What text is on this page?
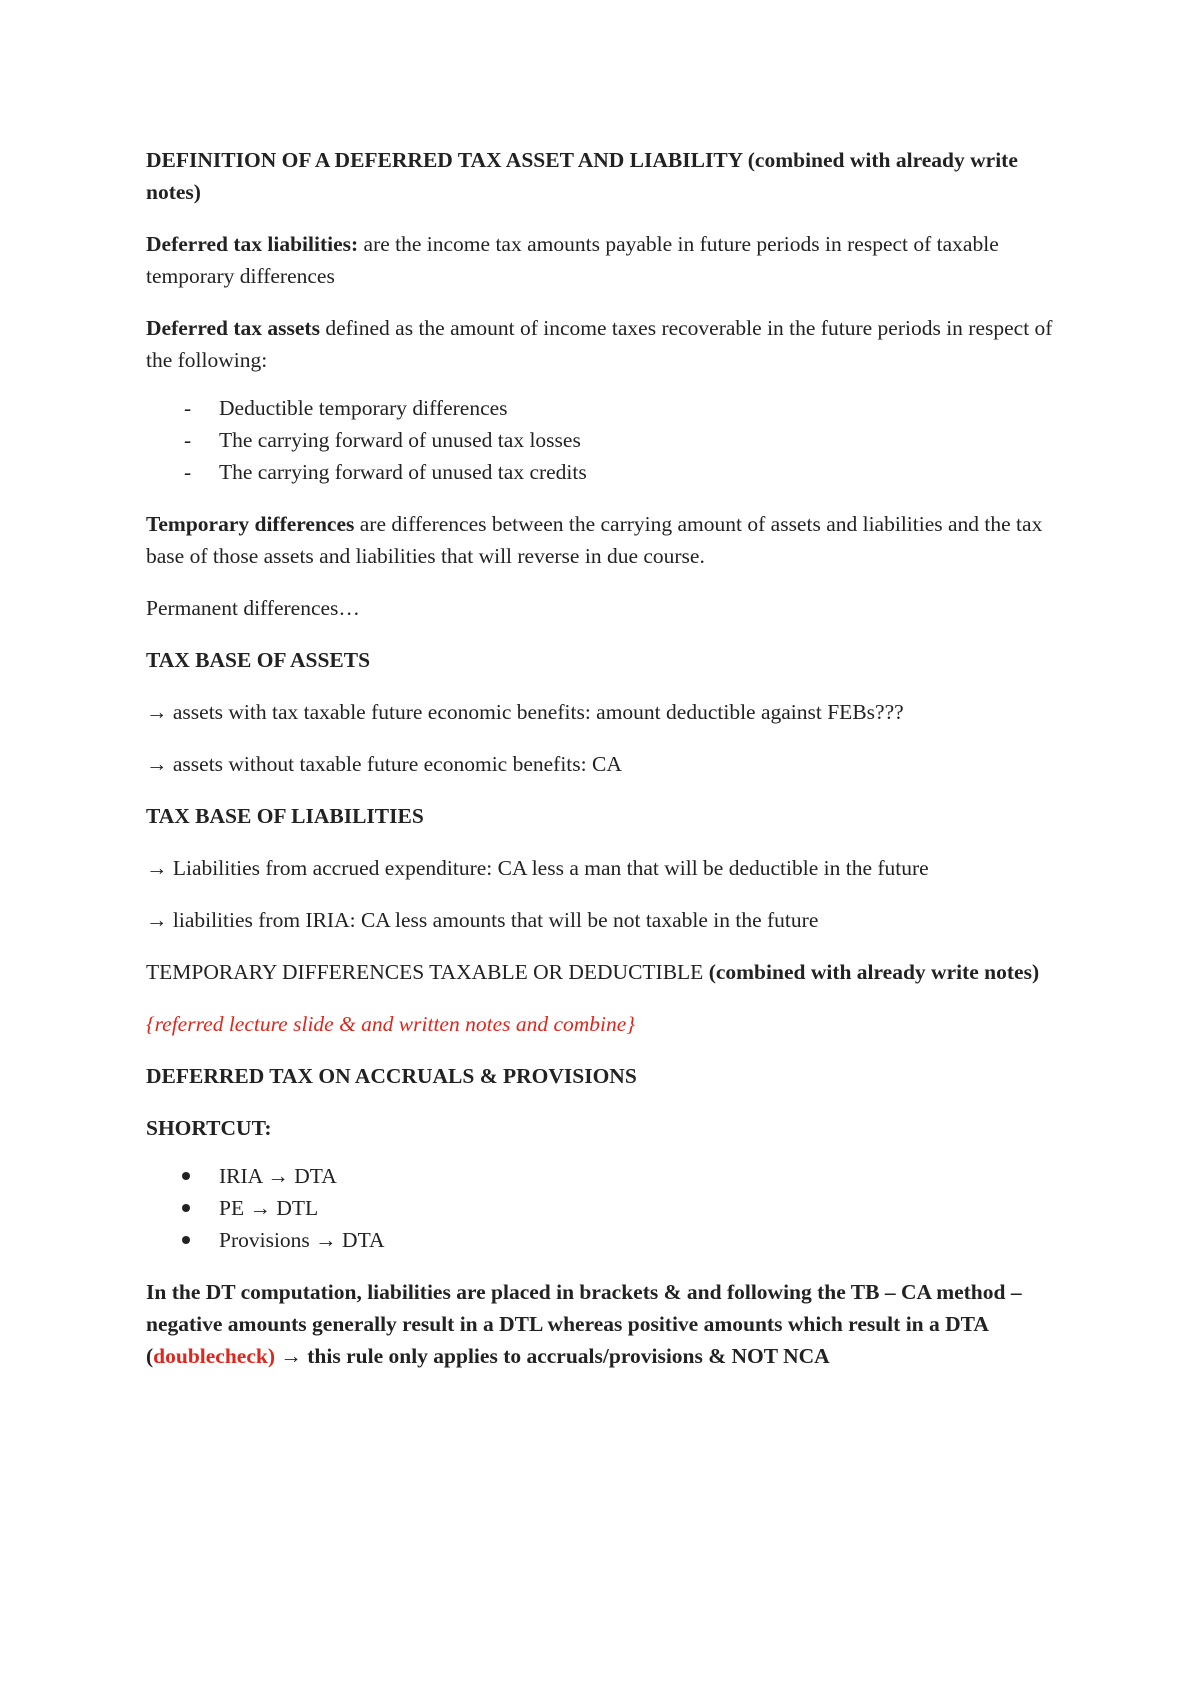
DEFINITION OF A DEFERRED TAX ASSET AND LIABILITY (combined with already write notes)

Deferred tax liabilities: are the income tax amounts payable in future periods in respect of taxable temporary differences

Deferred tax assets defined as the amount of income taxes recoverable in the future periods in respect of the following:

- Deductible temporary differences
- The carrying forward of unused tax losses
- The carrying forward of unused tax credits

Temporary differences are differences between the carrying amount of assets and liabilities and the tax base of those assets and liabilities that will reverse in due course.

Permanent differences…

TAX BASE OF ASSETS

→ assets with tax taxable future economic benefits: amount deductible against FEBs???

→ assets without taxable future economic benefits: CA

TAX BASE OF LIABILITIES

→ Liabilities from accrued expenditure: CA less a man that will be deductible in the future

→ liabilities from IRIA: CA less amounts that will be not taxable in the future

TEMPORARY DIFFERENCES TAXABLE OR DEDUCTIBLE (combined with already write notes)

{referred lecture slide & and written notes and combine}

DEFERRED TAX ON ACCRUALS & PROVISIONS

SHORTCUT:

IRIA → DTA
PE → DTL
Provisions → DTA

In the DT computation, liabilities are placed in brackets & and following the TB – CA method – negative amounts generally result in a DTL whereas positive amounts which result in a DTA (doublecheck) → this rule only applies to accruals/provisions & NOT NCA
